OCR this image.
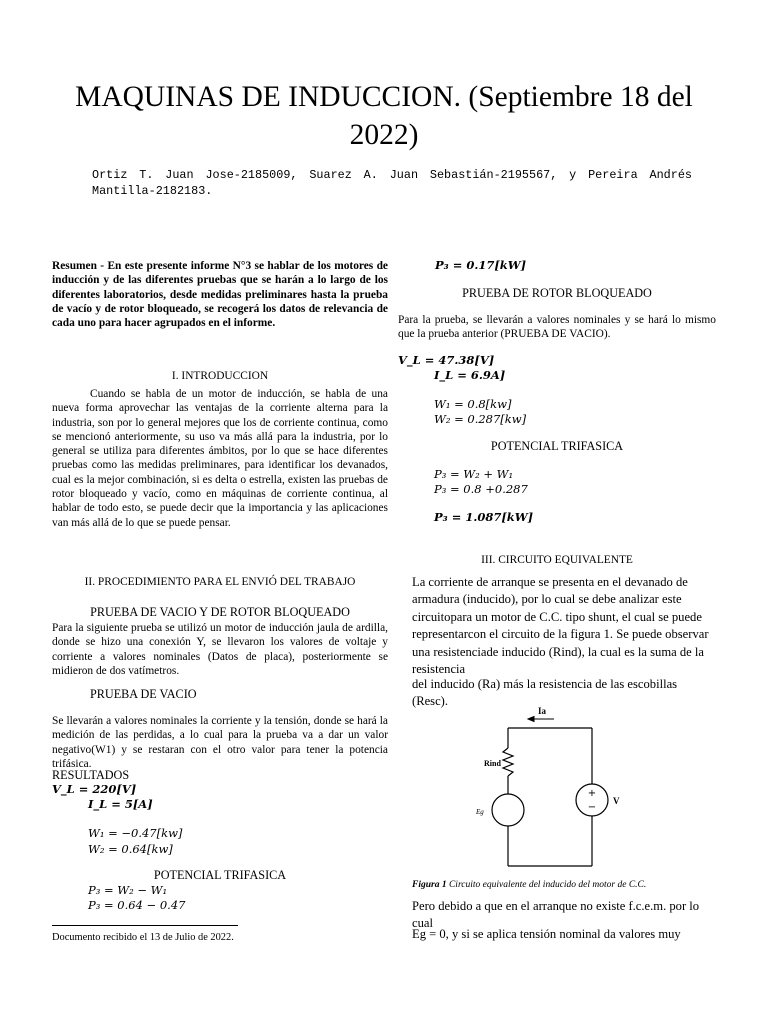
MAQUINAS DE INDUCCION. (Septiembre 18 del 2022)
Ortiz T. Juan Jose-2185009, Suarez A. Juan Sebastián-2195567, y Pereira Andrés Mantilla-2182183.
Resumen - En este presente informe N°3 se hablar de los motores de inducción y de las diferentes pruebas que se harán a lo largo de los diferentes laboratorios, desde medidas preliminares hasta la prueba de vacío y de rotor bloqueado, se recogerá los datos de relevancia de cada uno para hacer agrupados en el informe.
I. INTRODUCCION
Cuando se habla de un motor de inducción, se habla de una nueva forma aprovechar las ventajas de la corriente alterna para la industria, son por lo general mejores que los de corriente continua, como se mencionó anteriormente, su uso va más allá para la industria, por lo general se utiliza para diferentes ámbitos, por lo que se hace diferentes pruebas como las medidas preliminares, para identificar los devanados, cual es la mejor combinación, si es delta o estrella, existen las pruebas de rotor bloqueado y vacío, como en máquinas de corriente continua, al hablar de todo esto, se puede decir que la importancia y las aplicaciones van más allá de lo que se puede pensar.
II. PROCEDIMIENTO PARA EL ENVIÓ DEL TRABAJO
PRUEBA DE VACIO Y DE ROTOR BLOQUEADO
Para la siguiente prueba se utilizó un motor de inducción jaula de ardilla, donde se hizo una conexión Y, se llevaron los valores de voltaje y corriente a valores nominales (Datos de placa), posteriormente se midieron de dos vatímetros.
PRUEBA DE VACIO
Se llevarán a valores nominales la corriente y la tensión, donde se hará la medición de las perdidas, a lo cual para la prueba va a dar un valor negativo(W1) y se restaran con el otro valor para tener la potencia trifásica.
RESULTADOS
V_L = 220[V]
I_L = 5[A]
W₁ = −0.47[kw]
W₂ = 0.64[kw]
POTENCIAL TRIFASICA
P₃ = W₂ − W₁
P₃ = 0.64 − 0.47
Documento recibido el 13 de Julio de 2022.
P₃ = 0.17[kW]
PRUEBA DE ROTOR BLOQUEADO
Para la prueba, se llevarán a valores nominales y se hará lo mismo que la prueba anterior (PRUEBA DE VACIO).
V_L = 47.38[V]
I_L = 6.9A]
W₁ = 0.8[kw]
W₂ = 0.287[kw]
POTENCIAL TRIFASICA
P₃ = W₂ + W₁
P₃ = 0.8 +0.287
P₃ = 1.087[kW]
III. CIRCUITO EQUIVALENTE
La corriente de arranque se presenta en el devanado de armadura (inducido), por lo cual se debe analizar este circuitopara un motor de C.C. tipo shunt, el cual se puede representarcon el circuito de la figura 1. Se puede observar una resistenciade inducido (Rind), la cual es la suma de la resistencia
del inducido (Ra) más la resistencia de las escobillas (Resc).
+
−
Ia
Rind
Eg
V
Figura 1 Circuito equivalente del inducido del motor de C.C.
Pero debido a que en el arranque no existe f.c.e.m. por lo cual
Eg = 0, y si se aplica tensión nominal da valores muy
